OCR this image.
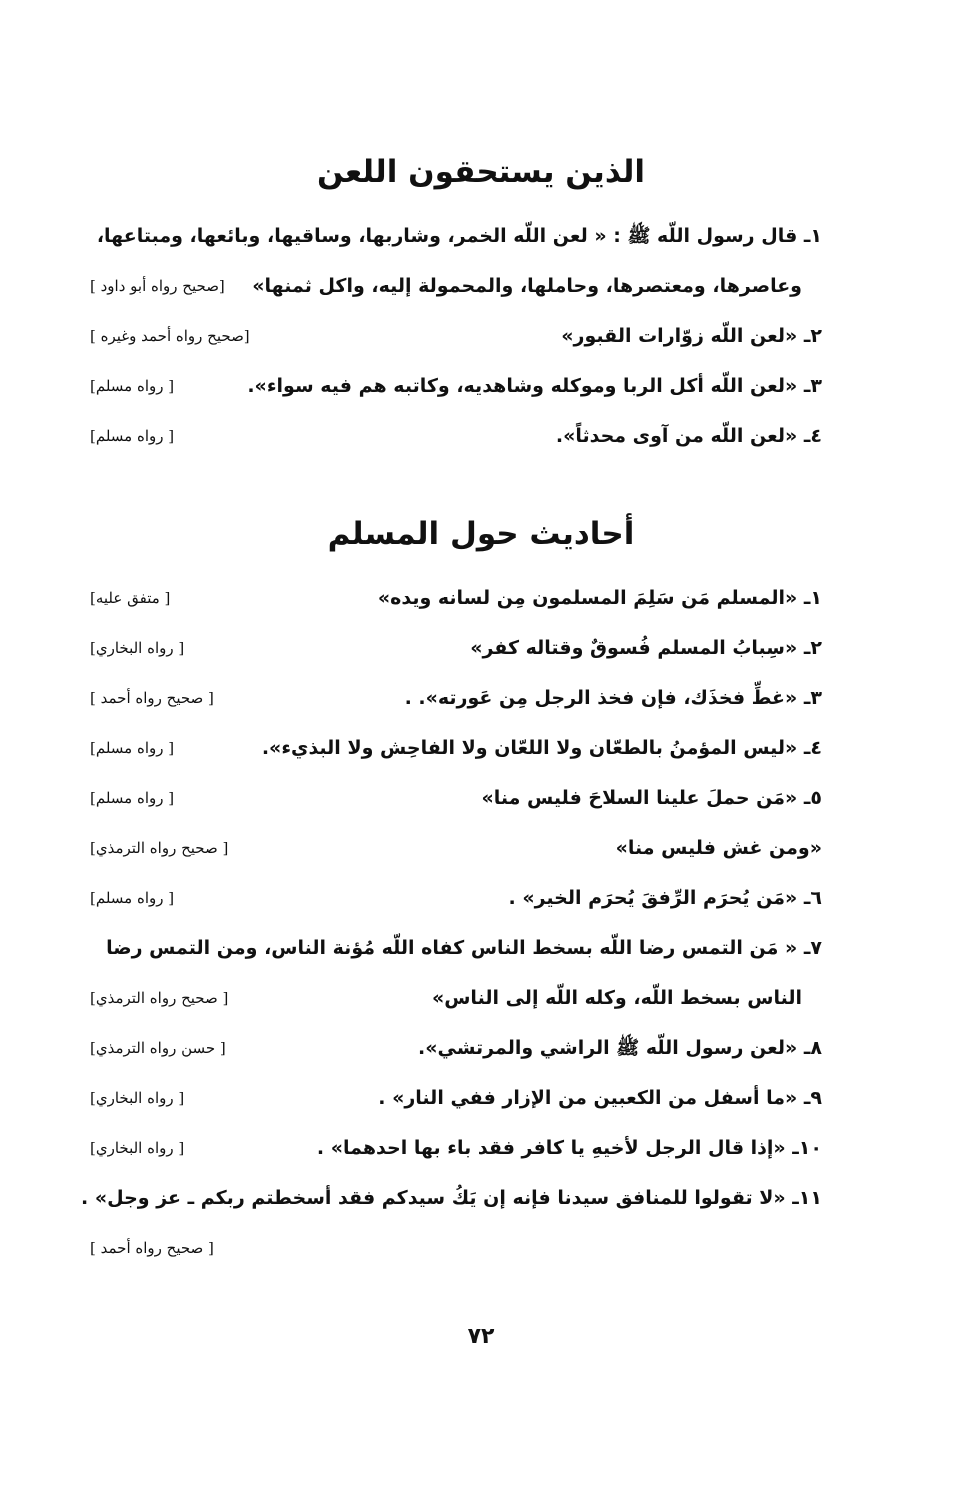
الذين يستحقون اللعن
١ـ قال رسول اللّه ﷺ : « لعن اللّه الخمر، وشاربها، وساقيها، وبائعها، ومبتاعها،
وعاصرها، ومعتصرها، وحاملها، والمحمولة إليه، واكل ثمنها»
[صحيح رواه أبو داود ]
٢ـ «لعن اللّه زوّارات القبور»
[صحيح رواه أحمد وغيره ]
٣ـ «لعن اللّه أكل الربا وموكله وشاهديه، وكاتبه هم فيه سواء».
[ رواه مسلم]
٤ـ «لعن اللّه من آوى محدثاً».
[ رواه مسلم]
أحاديث حول المسلم
١ـ «المسلم مَن سَلِمَ المسلمون مِن لسانه ويده»
[ متفق عليه]
٢ـ «سِبابُ المسلم فُسوقٌ وقتاله كفر»
[ رواه البخاري]
٣ـ «غطِّ فخذَك، فإن فخذ الرجل مِن عَورته». .
[ صحيح رواه أحمد ]
٤ـ «ليس المؤمنُ بالطعّان ولا اللعّان ولا الفاحِش ولا البذيء».
[ رواه مسلم]
٥ـ «مَن حملَ علينا السلاحَ فليس منا»
[ رواه مسلم]
«ومن غش فليس منا»
[ صحيح رواه الترمذي]
٦ـ «مَن يُحرَم الرِّفقَ يُحرَم الخير» .
[ رواه مسلم]
٧ـ « مَن التمس رضا اللّه بسخط الناس كفاه اللّه مُؤنة الناس، ومن التمس رضا
الناس بسخط اللّه، وكله اللّه إلى الناس»
[ صحيح رواه الترمذي]
٨ـ «لعن رسول اللّه ﷺ الراشي والمرتشي».
[ حسن رواه الترمذي]
٩ـ «ما أسفل من الكعبين من الإزار ففي النار» .
[ رواه البخاري]
١٠ـ «إذا قال الرجل لأخيهِ يا كافر فقد باء بها احدهما» .
[ رواه البخاري]
١١ـ «لا تقولوا للمنافق سيدنا فإنه إن يَكُ سيدكم فقد أسخطتم ربكم ـ عز وجل» .
[ صحيح رواه أحمد ]
٧٢
